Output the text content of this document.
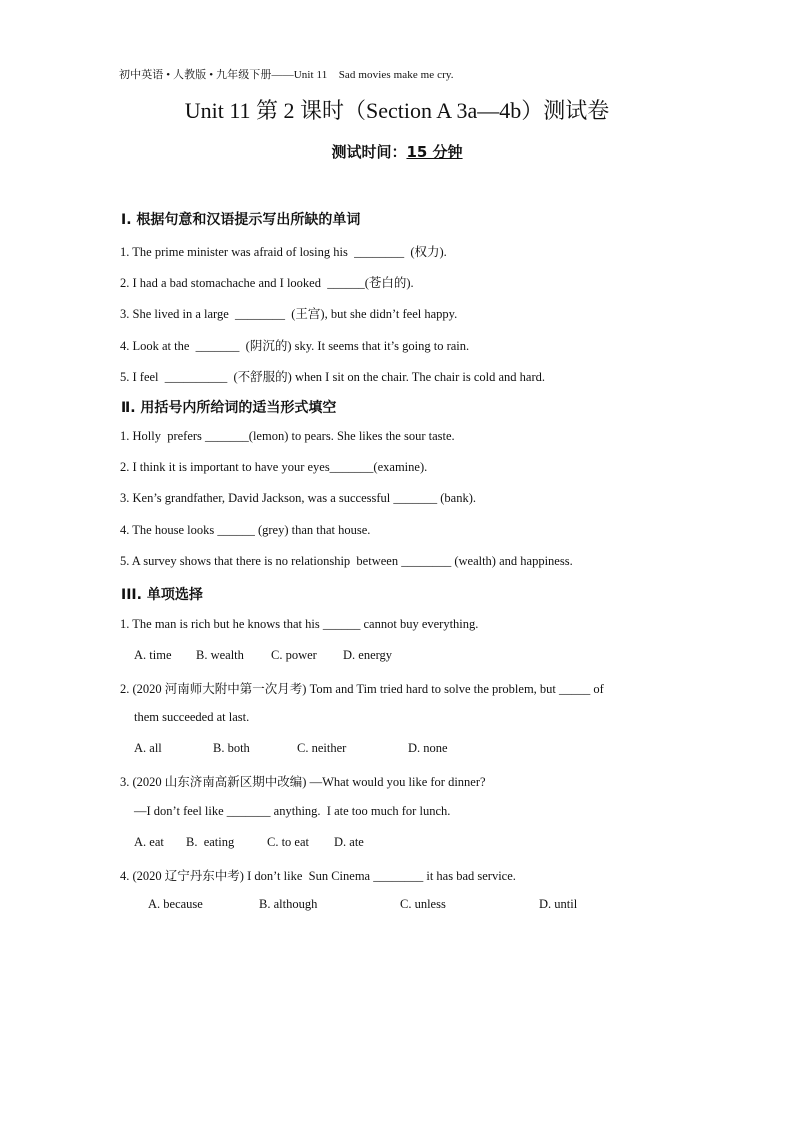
初中英语 • 人教版 • 九年级下册——Unit 11    Sad movies make me cry.
Unit 11 第 2 课时（Section A 3a—4b）测试卷
测试时间：15 分钟
Ⅰ. 根据句意和汉语提示写出所缺的单词
1. The prime minister was afraid of losing his  ________  (权力).
2. I had a bad stomachache and I looked  ______(苍白的).
3. She lived in a large  ________  (王宫), but she didn’t feel happy.
4. Look at the  _______  (阴沉的) sky. It seems that it’s going to rain.
5. I feel  __________  (不舒服的) when I sit on the chair. The chair is cold and hard.
Ⅱ. 用括号内所给词的适当形式填空
1. Holly  prefers _______(lemon) to pears. She likes the sour taste.
2. I think it is important to have your eyes_______(examine).
3. Ken’s grandfather, David Jackson, was a successful _______ (bank).
4. The house looks ______ (grey) than that house.
5. A survey shows that there is no relationship  between ________ (wealth) and happiness.
III. 单项选择
1. The man is rich but he knows that his ______ cannot buy everything.
A. time B. wealth C. power D. energy
2. (2020 河南师大附中第一次月考) Tom and Tim tried hard to solve the problem, but _____ of
them succeeded at last.
A. all	B. both	C. neither	D. none
3. (2020 山东济南高新区期中改编) —What would you like for dinner?
—I don’t feel like _______ anything.  I ate too much for lunch.
A. eat B.  eating	C. to eat D. ate
4. (2020 辽宁丹东中考) I don’t like  Sun Cinema ________ it has bad service.
A. because	B. although	C. unless	D. until
